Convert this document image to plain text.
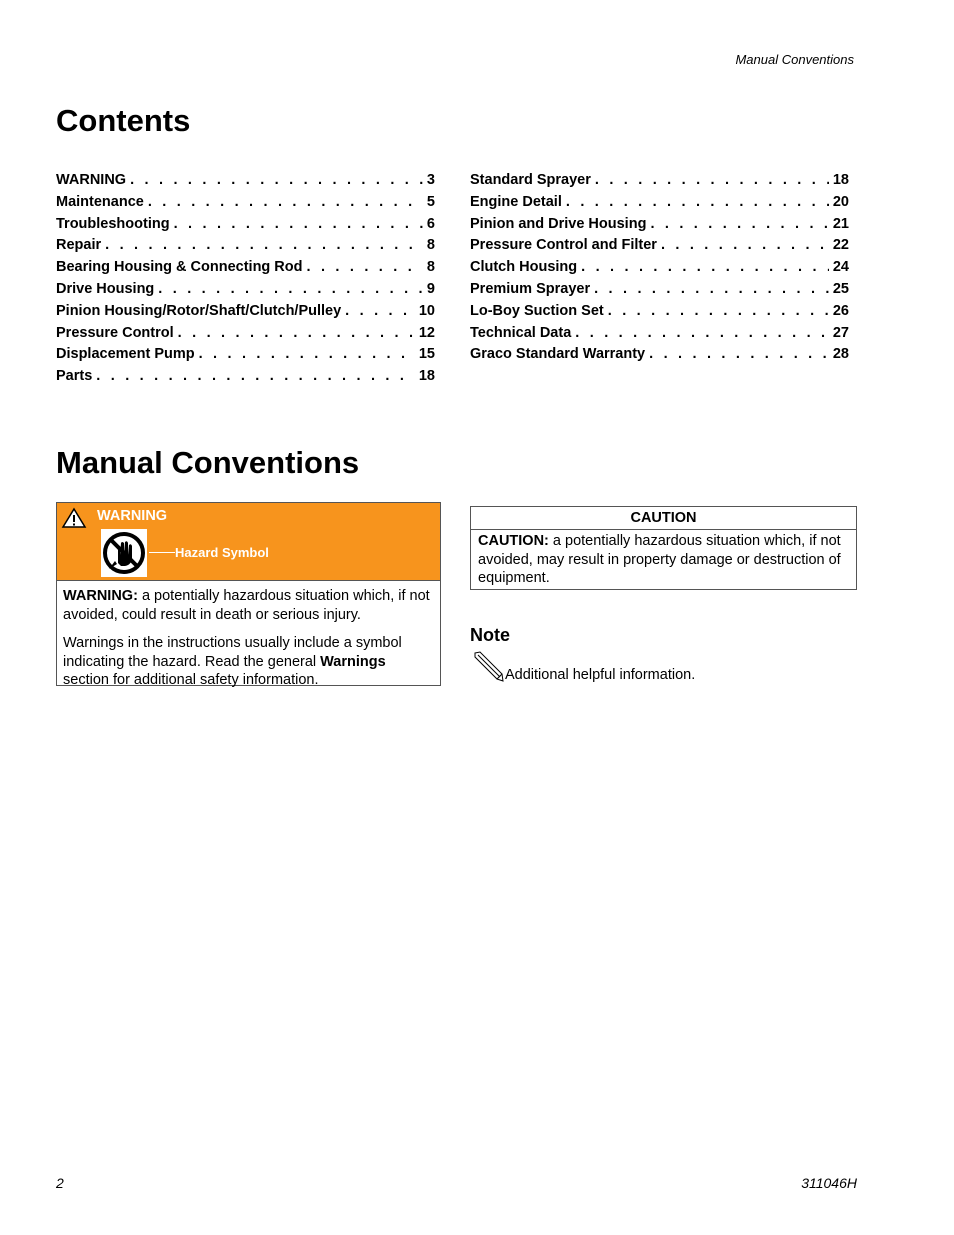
Manual Conventions
Contents
WARNING . . .	3
Maintenance . . .	5
Troubleshooting . . .	6
Repair . . .	8
Bearing Housing & Connecting Rod . . .	8
Drive Housing . . .	9
Pinion Housing/Rotor/Shaft/Clutch/Pulley . . .	10
Pressure Control . . .	12
Displacement Pump . . .	15
Parts . . .	18
Standard Sprayer . . .	18
Engine Detail . . .	20
Pinion and Drive Housing . . .	21
Pressure Control and Filter . . .	22
Clutch Housing . . .	24
Premium Sprayer . . .	25
Lo-Boy Suction Set . . .	26
Technical Data . . .	27
Graco Standard Warranty . . .	28
Manual Conventions
WARNING
Hazard Symbol

WARNING: a potentially hazardous situation which, if not avoided, could result in death or serious injury.

Warnings in the instructions usually include a symbol indicating the hazard. Read the general Warnings section for additional safety information.

CAUTION
CAUTION: a potentially hazardous situation which, if not avoided, may result in property damage or destruction of equipment.
Note
Additional helpful information.
2	311046H
